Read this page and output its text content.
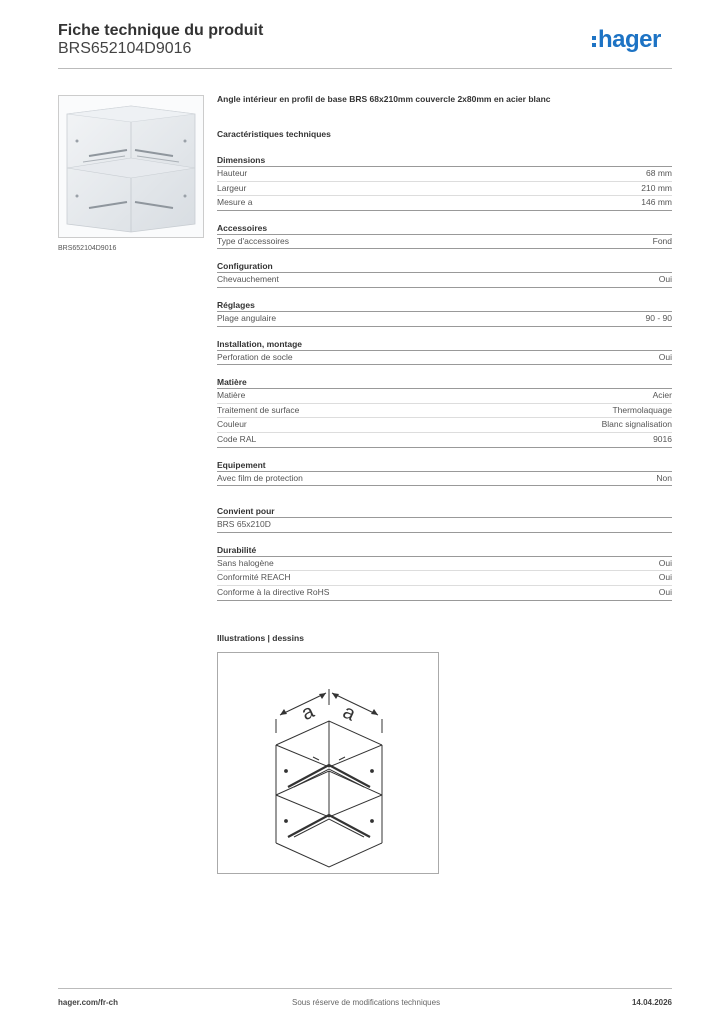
Fiche technique du produit
BRS652104D9016	hager
BRS652104D9016
Angle intérieur en profil de base BRS 68x210mm couvercle 2x80mm en acier blanc
Caractéristiques techniques
Dimensions
Hauteur	68 mm
Largeur	210 mm
Mesure a	146 mm
Accessoires
Type d'accessoires	Fond
Configuration
Chevauchement	Oui
Réglages
Plage angulaire	90 - 90
Installation, montage
Perforation de socle	Oui
Matière
Matière	Acier
Traitement de surface	Thermolaquage
Couleur	Blanc signalisation
Code RAL	9016
Equipement
Avec film de protection	Non
Convient pour
BRS 65x210D
Durabilité
Sans halogène	Oui
Conformité REACH	Oui
Conforme à la directive RoHS	Oui
Illustrations | dessins
a a
hager.com/fr-ch	Sous réserve de modifications techniques	14.04.2026
